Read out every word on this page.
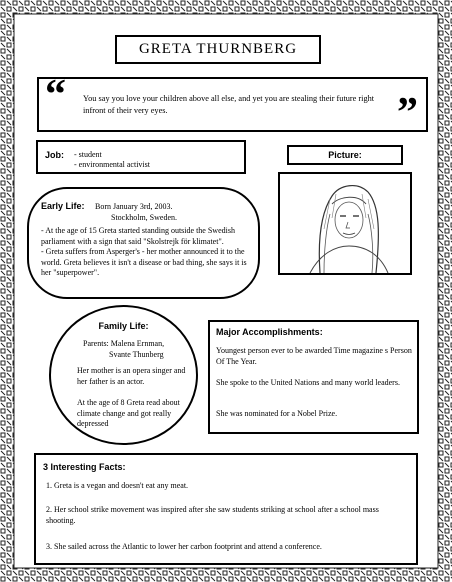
GRETA THURNBERG
“ You say you love your children above all else, and yet you are stealing their future right infront of their very eyes.	”
Job: - student
- environmental activist
Picture:
Early Life: Born January 3rd, 2003.
Stockholm, Sweden.
- At the age of 15 Greta started standing outside the Swedish parliament with a sign that said "Skolstrejk för klimatet".
- Greta suffers from Asperger's - her mother announced it to the world. Greta believes it isn't a disease or bad thing, she says it is her "superpower".
Family Life:
Parents: Malena Ernman,
Svante Thunberg
Her mother is an opera singer and her father is an actor.
At the age of 8 Greta read about climate change and got really depressed
Major Accomplishments:
Youngest person ever to be awarded Time magazine s Person Of The Year.
She spoke to the United Nations and many world leaders.
She was nominated for a Nobel Prize.
3 Interesting Facts:
1. Greta is a vegan and doesn't eat any meat.
2. Her school strike movement was inspired after she saw students striking at school after a school mass shooting.
3. She sailed across the Atlantic to lower her carbon footprint and attend a conference.
